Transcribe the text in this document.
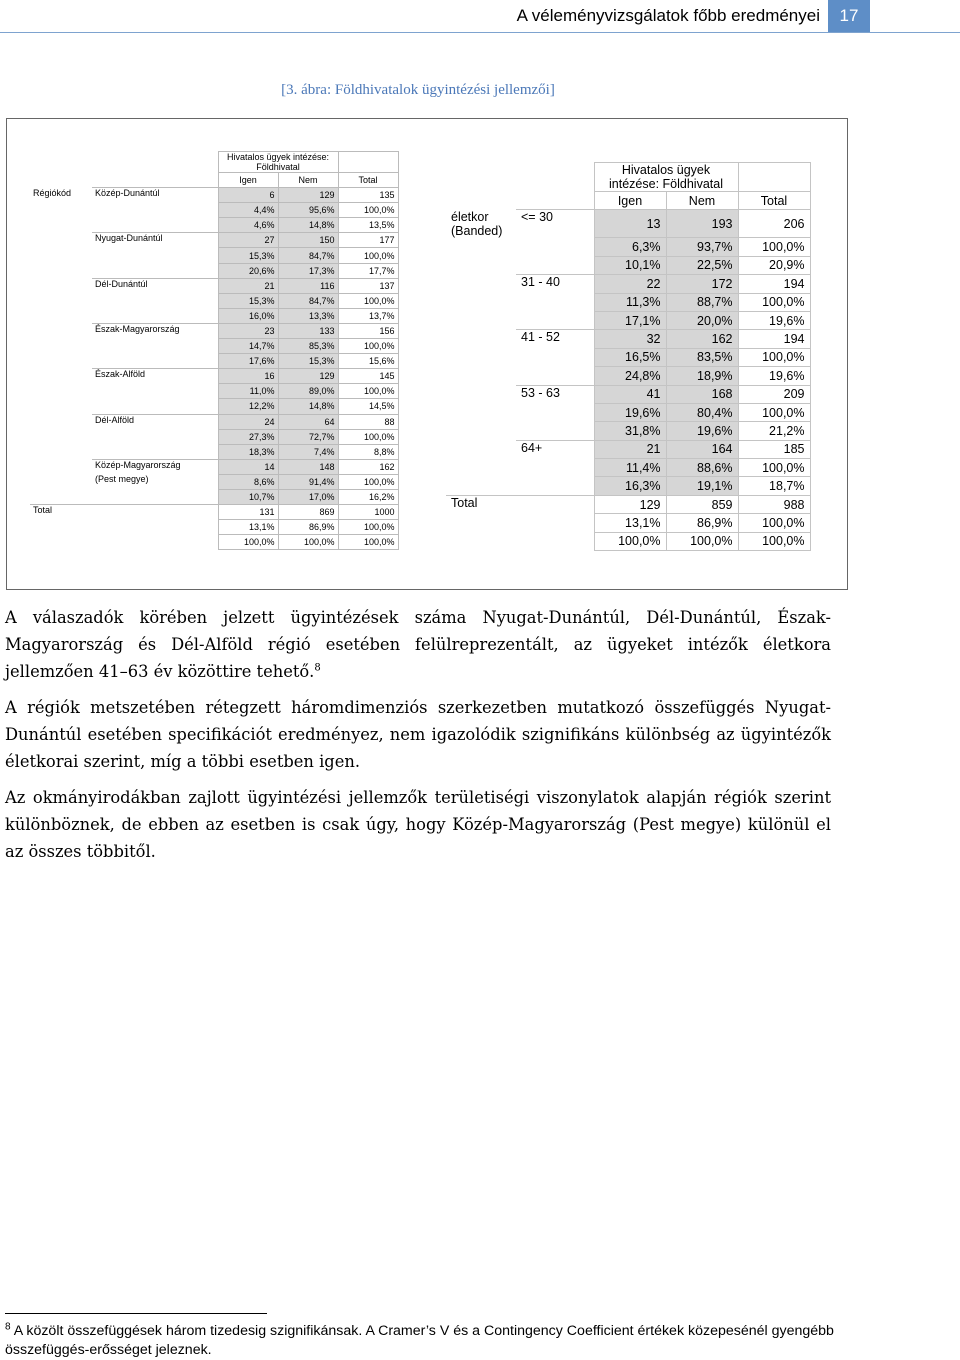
A véleményvizsgálatok főbb eredményei	17
[3. ábra: Földhivatalok ügyintézési jellemzői]
		Hivatalos ügyek intézése: Földhivatal		
		Igen	Nem	Total
Régiókód	Közép-Dunántúl	6	129	135
		4,4%	95,6%	100,0%
		4,6%	14,8%	13,5%
	Nyugat-Dunántúl	27	150	177
		15,3%	84,7%	100,0%
		20,6%	17,3%	17,7%
	Dél-Dunántúl	21	116	137
		15,3%	84,7%	100,0%
		16,0%	13,3%	13,7%
	Észak-Magyarország	23	133	156
		14,7%	85,3%	100,0%
		17,6%	15,3%	15,6%
	Észak-Alföld	16	129	145
		11,0%	89,0%	100,0%
		12,2%	14,8%	14,5%
	Dél-Alföld	24	64	88
		27,3%	72,7%	100,0%
		18,3%	7,4%	8,8%
	Közép-Magyarország	14	148	162
	(Pest megye)	8,6%	91,4%	100,0%
		10,7%	17,0%	16,2%
Total		131	869	1000
		13,1%	86,9%	100,0%
		100,0%	100,0%	100,0%
		Hivatalos ügyek
intézése: Földhivatal		
		Igen	Nem	Total
életkor
(Banded)	<= 30	13	193	206
		6,3%	93,7%	100,0%
		10,1%	22,5%	20,9%
	31 - 40	22	172	194
		11,3%	88,7%	100,0%
		17,1%	20,0%	19,6%
	41 - 52	32	162	194
		16,5%	83,5%	100,0%
		24,8%	18,9%	19,6%
	53 - 63	41	168	209
		19,6%	80,4%	100,0%
		31,8%	19,6%	21,2%
	64+	21	164	185
		11,4%	88,6%	100,0%
		16,3%	19,1%	18,7%
Total		129	859	988
		13,1%	86,9%	100,0%
		100,0%	100,0%	100,0%

A válaszadók körében jelzett ügyintézések száma Nyugat-Dunántúl, Dél-Dunántúl, Észak-Magyarország és Dél-Alföld régió esetében felülreprezentált, az ügyeket intézők életkora jellemzően 41–63 év közöttire tehető.$^8$

A régiók metszetében rétegzett háromdimenziós szerkezetben mutatkozó összefüggés Nyugat-Dunántúl esetében specifikációt eredményez, nem igazolódik szignifikáns különbség az ügyintézők életkorai szerint, míg a többi esetben igen.

Az okmányirodákban zajlott ügyintézési jellemzők területiségi viszonylatok alapján régiók szerint különböznek, de ebben az esetben is csak úgy, hogy Közép-Magyarország (Pest megye) különül el az összes többitől.

$^8$ A közölt összefüggések három tizedesig szignifikánsak. A Cramer’s V és a Contingency Coefficient értékek közepesénél gyengébb összefüggés-erősséget jeleznek.
